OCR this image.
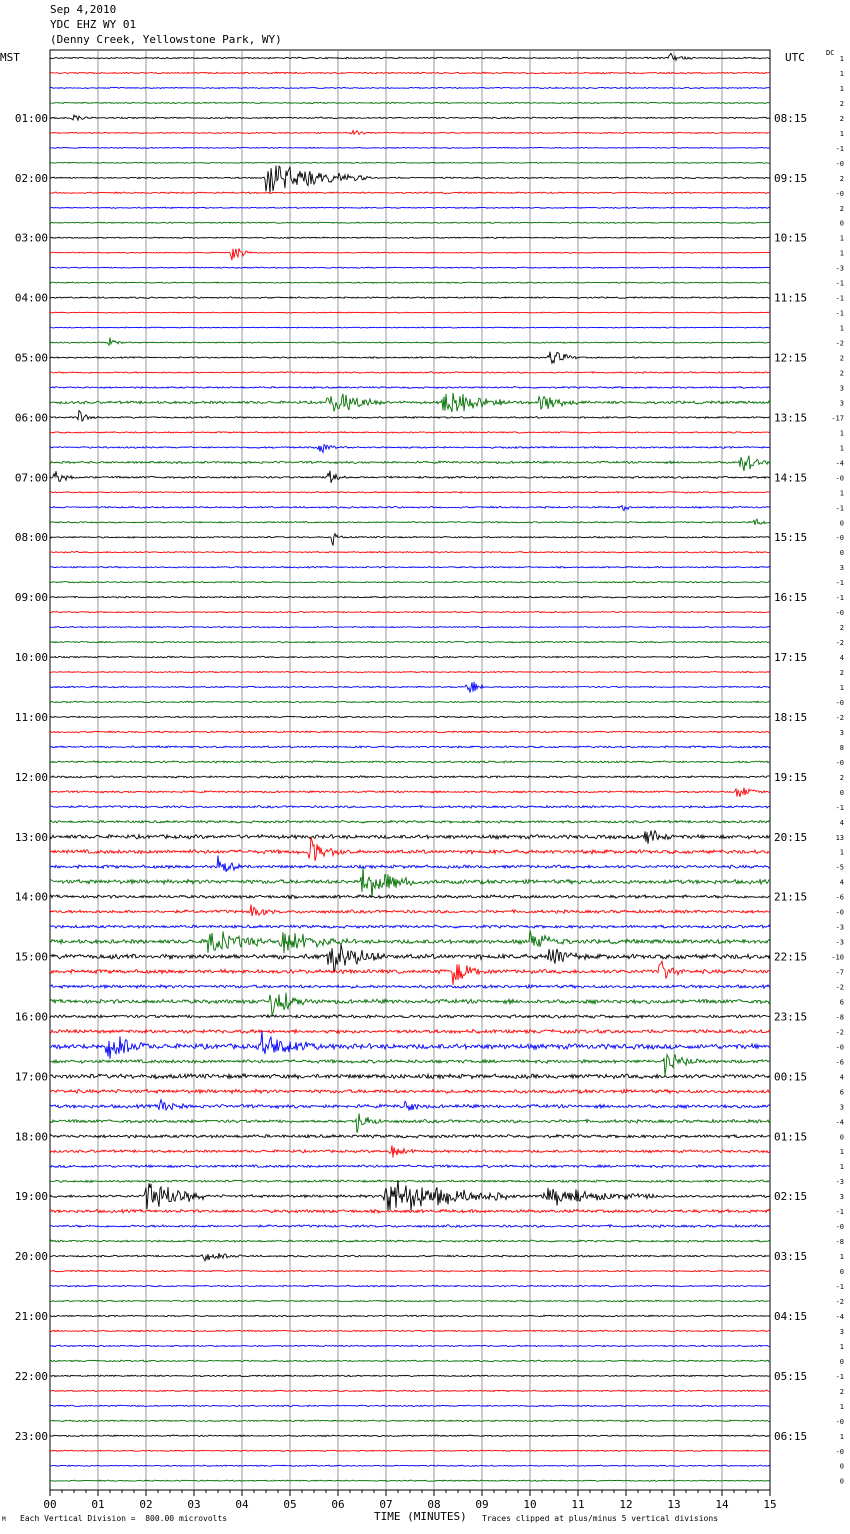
Sep 4,2010
YDC EHZ WY 01
(Denny Creek, Yellowstone Park, WY)
MST	UTC	DC
00	01	02	03	04	05	06	07	08	09	10	11	12	13	14	15
01:00
02:00
03:00
04:00
05:00
06:00
07:00
08:00
09:00
10:00
11:00
12:00
13:00
14:00
15:00
16:00
17:00
18:00
19:00
20:00
21:00
22:00
23:00
08:15
09:15
10:15
11:15
12:15
13:15
14:15
15:15
16:15
17:15
18:15
19:15
20:15
21:15
22:15
23:15
00:15
01:15
02:15
03:15
04:15
05:15
06:15
1
1
1
2
2
1
-1
-0
2
-0
2
0
1
1
-3
-1
-1
-1
1
-2
2
2
3
3
-17
1
1
-4
-0
1
-1
0
-0
0
3
-1
-1
-0
2
-2
4
2
1
-0
-2
3
8
-0
2
0
-1
4
13
1
-5
4
-6
-0
-3
-3
-10
-7
-2
6
-8
-2
-0
-6
4
6
3
-4
0
1
1
-3
3
-1
-0
-8
1
0
-1
-2
-4
3
1
0
-1
2
1
-0
1
-0
0
0
M Each Vertical Division =  800.00 microvolts	TIME (MINUTES) Traces clipped at plus/minus 5 vertical divisions
